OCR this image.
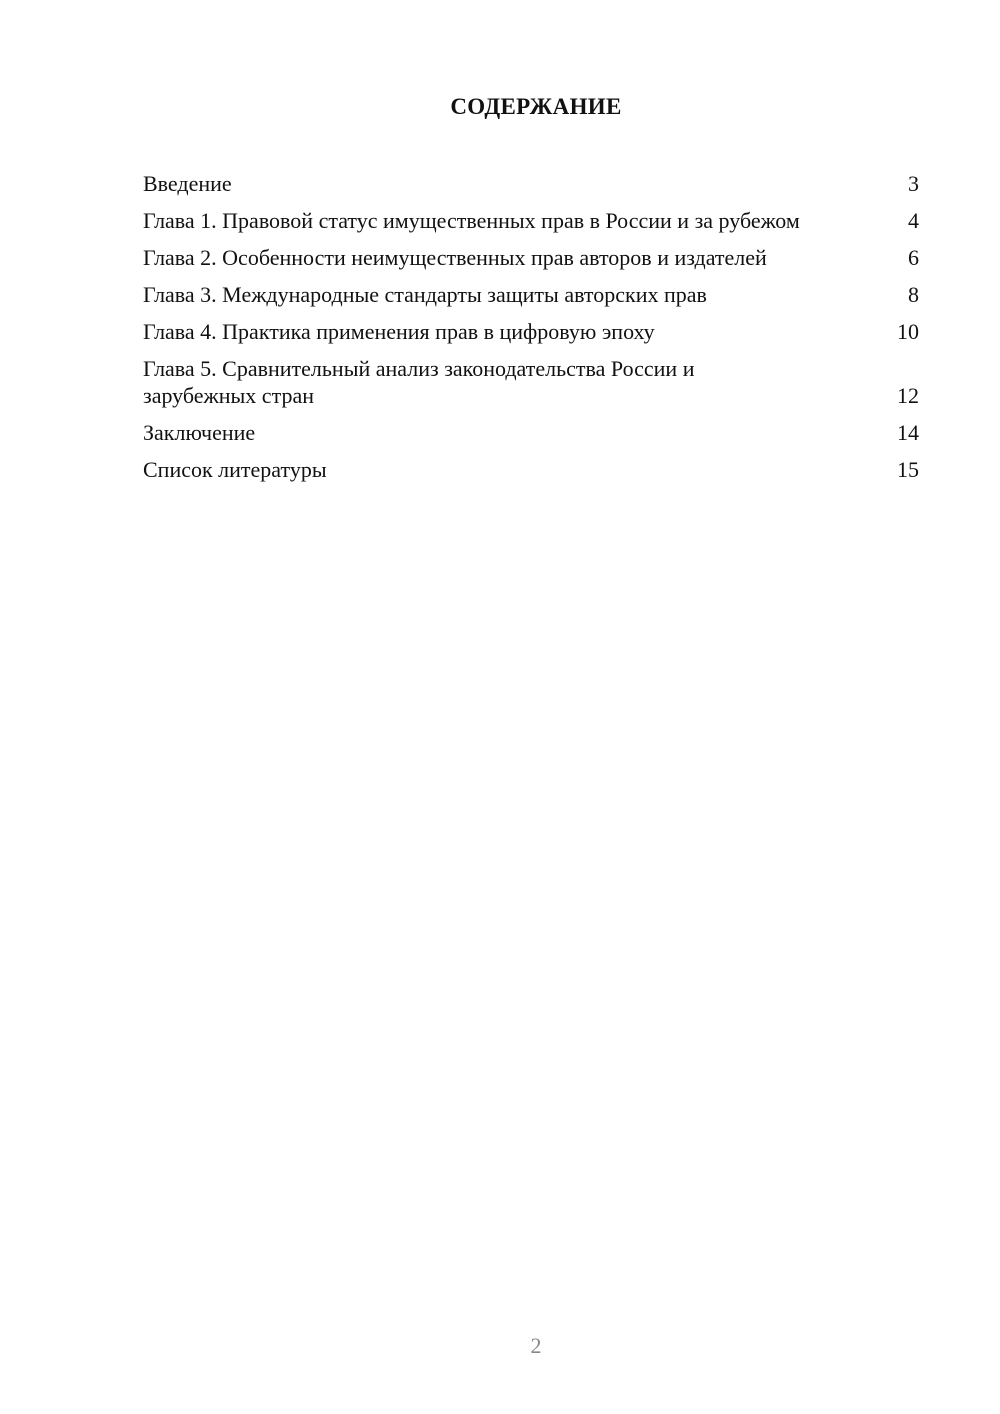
СОДЕРЖАНИЕ
Введение	3
Глава 1. Правовой статус имущественных прав в России и за рубежом	4
Глава 2. Особенности неимущественных прав авторов и издателей	6
Глава 3. Международные стандарты защиты авторских прав	8
Глава 4. Практика применения прав в цифровую эпоху	10
Глава 5. Сравнительный анализ законодательства России и зарубежных стран	12
Заключение	14
Список литературы	15
2
